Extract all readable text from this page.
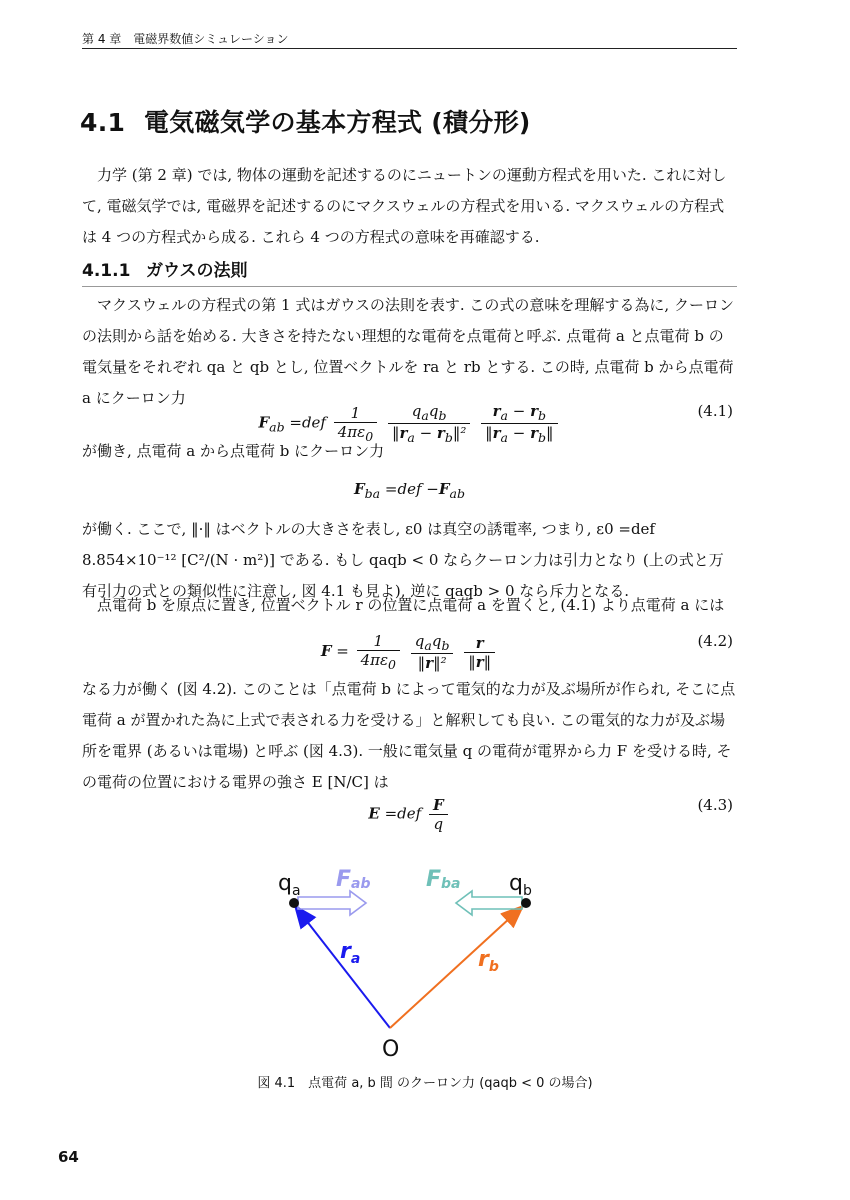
第 4 章　電磁界数値シミュレーション
4.1 電気磁気学の基本方程式 (積分形)

力学 (第 2 章) では, 物体の運動を記述するのにニュートンの運動方程式を用いた. これに対して, 電磁気学では, 電磁界を記述するのにマクスウェルの方程式を用いる. マクスウェルの方程式は 4 つの方程式から成る. これら 4 つの方程式の意味を再確認する.

4.1.1 ガウスの法則

マクスウェルの方程式の第 1 式はガウスの法則を表す. この式の意味を理解する為に, クーロンの法則から話を始める. 大きさを持たない理想的な電荷を点電荷と呼ぶ. 点電荷 a と点電荷 b の電気量をそれぞれ qa と qb とし, 位置ベクトルを ra と rb とする. この時, 点電荷 b から点電荷 a にクーロン力

$F_{ab} =def \frac{1}{4\pi\varepsilon_0}$
$\frac{q_aq_b}{‖r_a - r_b‖^2}$
$\frac{r_a - r_b}{‖r_a - r_b‖}$	(4.1)

が働き, 点電荷 a から点電荷 b にクーロン力

$F_{ba} =def -F_{ab}$

が働く. ここで, ‖·‖ はベクトルの大きさを表し, ε0 は真空の誘電率, つまり, ε0 =def 8.854×10⁻¹² [C²/(N · m²)] である. もし qaqb < 0 ならクーロン力は引力となり (上の式と万有引力の式との類似性に注意し, 図 4.1 も見よ), 逆に qaqb > 0 なら斥力となる.

点電荷 b を原点に置き, 位置ベクトル r の位置に点電荷 a を置くと, (4.1) より点電荷 a には

$F = \frac{1}{4\pi\varepsilon_0}$
$\frac{q_aq_b}{\text{‖r‖²}}$
$\frac{r}{‖r‖}$	(4.2)

なる力が働く (図 4.2). このことは「点電荷 b によって電気的な力が及ぶ場所が作られ, そこに点電荷 a が置かれた為に上式で表される力を受ける」と解釈しても良い. この電気的な力が及ぶ場所を電界 (あるいは電場) と呼ぶ (図 4.3). 一般に電気量 q の電荷が電界から力 F を受ける時, その電荷の位置における電界の強さ E [N/C] は

$E =def \frac{F}{q}$	(4.3)
$q_a$	$q_b$
Fab	Fba
$r_a$	$r_b$
O
図 4.1　点電荷 a, b 間 のクーロン力 (qaqb < 0 の場合)
64
